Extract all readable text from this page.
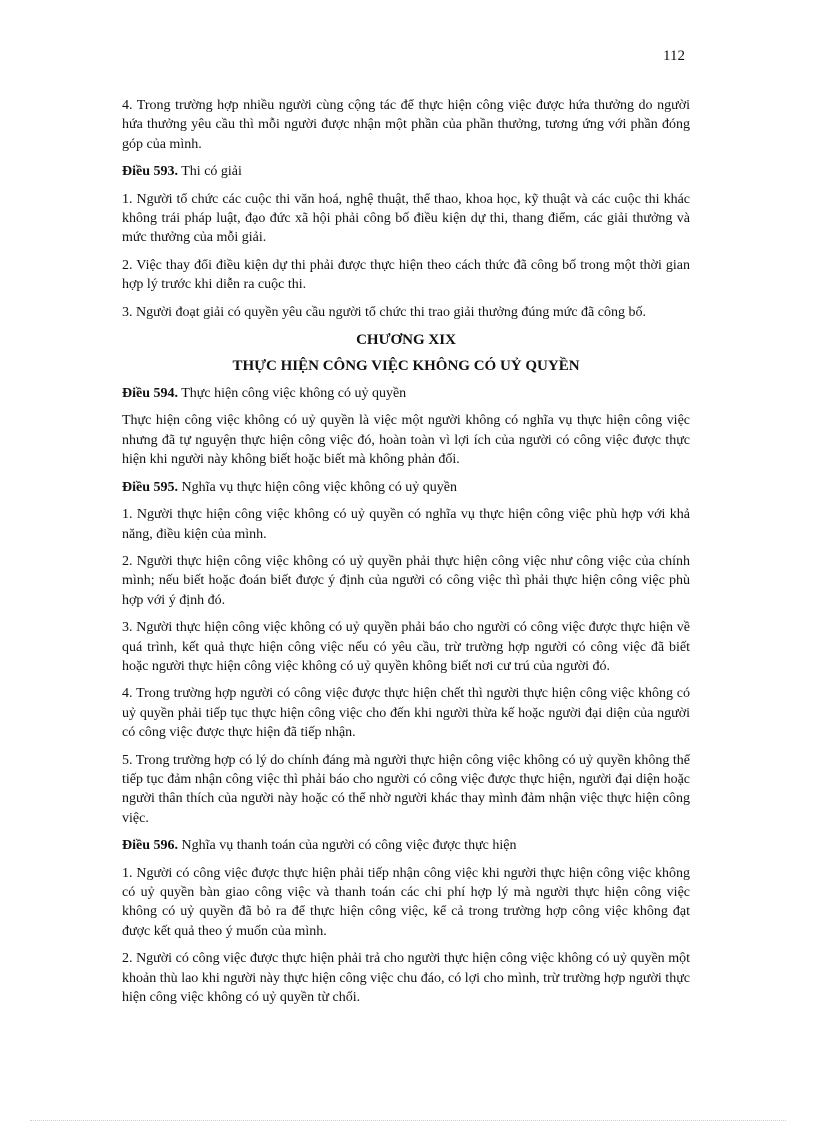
112

4. Trong trường hợp nhiều người cùng cộng tác để thực hiện công việc được hứa thưởng do người hứa thưởng yêu cầu thì mỗi người được nhận một phần của phần thưởng, tương ứng với phần đóng góp của mình.

Điều 593. Thi có giải

1. Người tổ chức các cuộc thi văn hoá, nghệ thuật, thể thao, khoa học, kỹ thuật và các cuộc thi khác không trái pháp luật, đạo đức xã hội phải công bố điều kiện dự thi, thang điểm, các giải thưởng và mức thưởng của mỗi giải.

2. Việc thay đổi điều kiện dự thi phải được thực hiện theo cách thức đã công bố trong một thời gian hợp lý trước khi diễn ra cuộc thi.

3. Người đoạt giải có quyền yêu cầu người tổ chức thi trao giải thưởng đúng mức đã công bố.

CHƯƠNG XIX
THỰC HIỆN CÔNG VIỆC KHÔNG CÓ UỶ QUYỀN

Điều 594. Thực hiện công việc không có uỷ quyền

Thực hiện công việc không có uỷ quyền là việc một người không có nghĩa vụ thực hiện công việc nhưng đã tự nguyện thực hiện công việc đó, hoàn toàn vì lợi ích của người có công việc được thực hiện khi người này không biết hoặc biết mà không phản đối.

Điều 595. Nghĩa vụ thực hiện công việc không có uỷ quyền

1. Người thực hiện công việc không có uỷ quyền có nghĩa vụ thực hiện công việc phù hợp với khả năng, điều kiện của mình.

2. Người thực hiện công việc không có uỷ quyền phải thực hiện công việc như công việc của chính mình; nếu biết hoặc đoán biết được ý định của người có công việc thì phải thực hiện công việc phù hợp với ý định đó.

3. Người thực hiện công việc không có uỷ quyền phải báo cho người có công việc được thực hiện về quá trình, kết quả thực hiện công việc nếu có yêu cầu, trừ trường hợp người có công việc đã biết hoặc người thực hiện công việc không có uỷ quyền không biết nơi cư trú của người đó.

4. Trong trường hợp người có công việc được thực hiện chết thì người thực hiện công việc không có uỷ quyền phải tiếp tục thực hiện công việc cho đến khi người thừa kế hoặc người đại diện của người có công việc được thực hiện đã tiếp nhận.

5. Trong trường hợp có lý do chính đáng mà người thực hiện công việc không có uỷ quyền không thể tiếp tục đảm nhận công việc thì phải báo cho người có công việc được thực hiện, người đại diện hoặc người thân thích của người này hoặc có thể nhờ người khác thay mình đảm nhận việc thực hiện công việc.

Điều 596. Nghĩa vụ thanh toán của người có công việc được thực hiện

1. Người có công việc được thực hiện phải tiếp nhận công việc khi người thực hiện công việc không có uỷ quyền bàn giao công việc và thanh toán các chi phí hợp lý mà người thực hiện công việc không có uỷ quyền đã bỏ ra để thực hiện công việc, kể cả trong trường hợp công việc không đạt được kết quả theo ý muốn của mình.

2. Người có công việc được thực hiện phải trả cho người thực hiện công việc không có uỷ quyền một khoản thù lao khi người này thực hiện công việc chu đáo, có lợi cho mình, trừ trường hợp người thực hiện công việc không có uỷ quyền từ chối.
